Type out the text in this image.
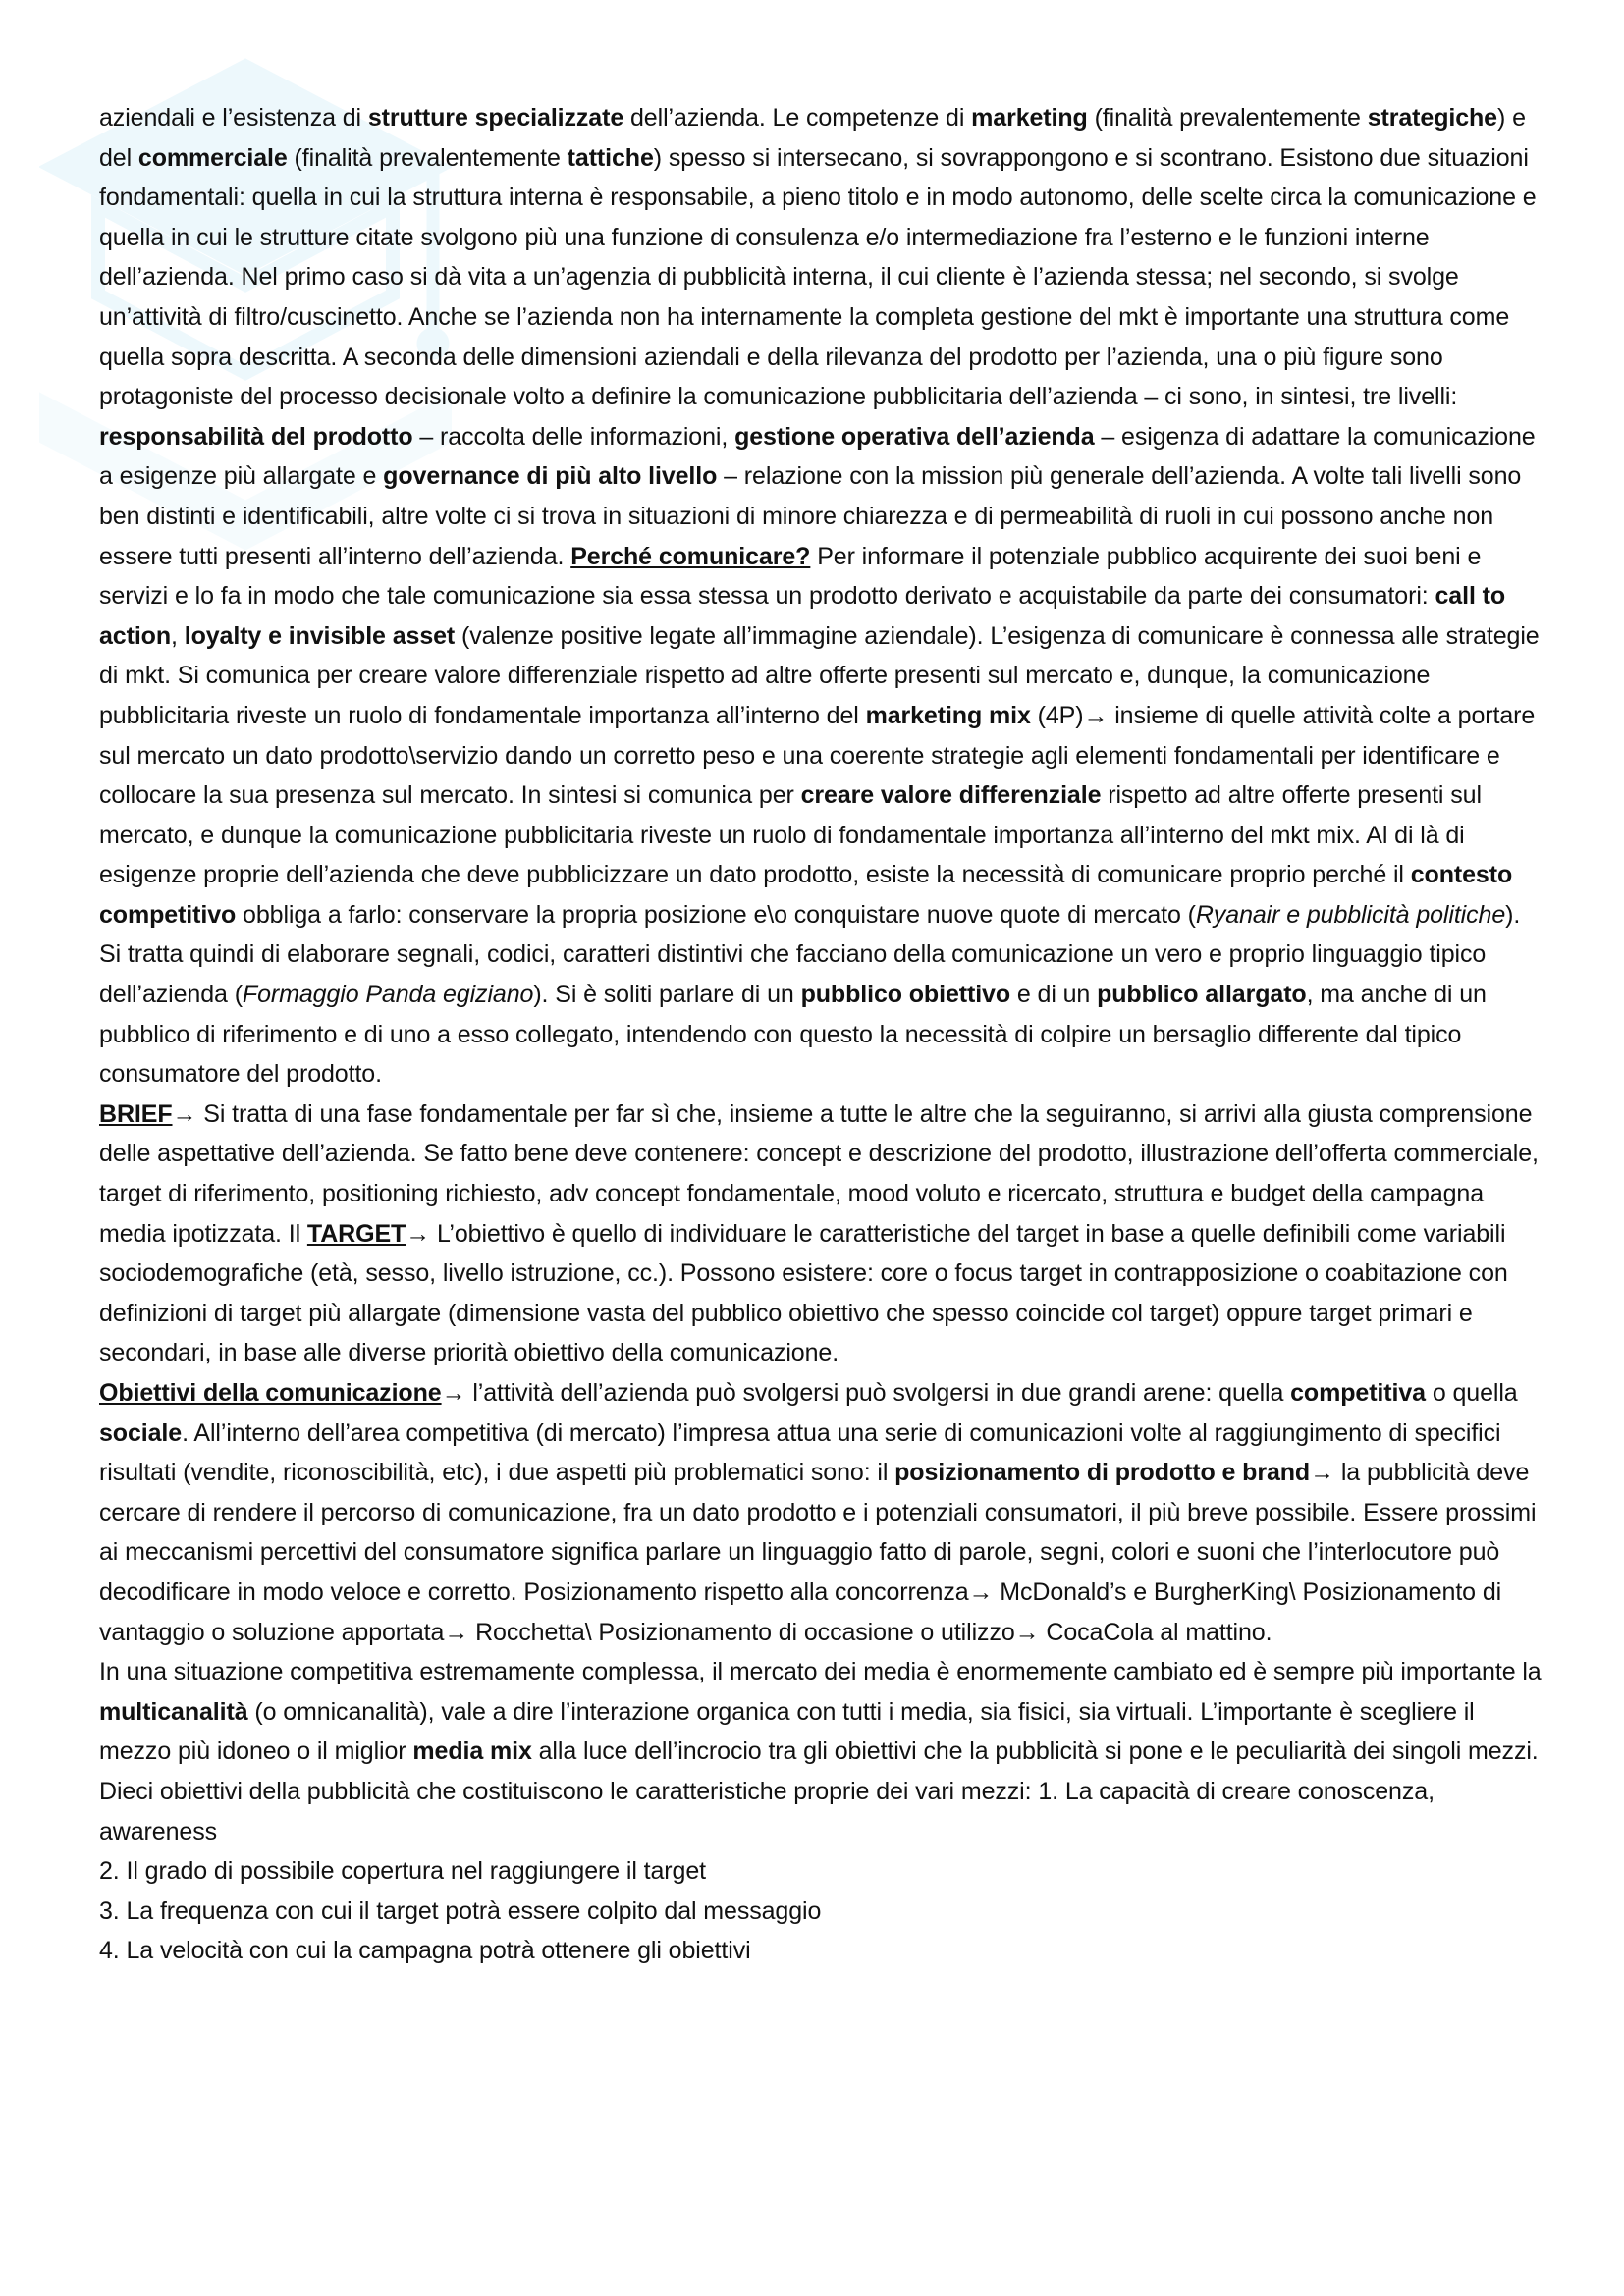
aziendali e l’esistenza di strutture specializzate dell’azienda. Le competenze di marketing (finalità prevalentemente strategiche) e del commerciale (finalità prevalentemente tattiche) spesso si intersecano, si sovrappongono e si scontrano. Esistono due situazioni fondamentali: quella in cui la struttura interna è responsabile, a pieno titolo e in modo autonomo, delle scelte circa la comunicazione e quella in cui le strutture citate svolgono più una funzione di consulenza e/o intermediazione fra l’esterno e le funzioni interne dell’azienda. Nel primo caso si dà vita a un’agenzia di pubblicità interna, il cui cliente è l’azienda stessa; nel secondo, si svolge un’attività di filtro/cuscinetto. Anche se l’azienda non ha internamente la completa gestione del mkt è importante una struttura come quella sopra descritta. A seconda delle dimensioni aziendali e della rilevanza del prodotto per l’azienda, una o più figure sono protagoniste del processo decisionale volto a definire la comunicazione pubblicitaria dell’azienda – ci sono, in sintesi, tre livelli: responsabilità del prodotto – raccolta delle informazioni, gestione operativa dell’azienda – esigenza di adattare la comunicazione a esigenze più allargate e governance di più alto livello – relazione con la mission più generale dell’azienda. A volte tali livelli sono ben distinti e identificabili, altre volte ci si trova in situazioni di minore chiarezza e di permeabilità di ruoli in cui possono anche non essere tutti presenti all’interno dell’azienda. Perché comunicare? Per informare il potenziale pubblico acquirente dei suoi beni e servizi e lo fa in modo che tale comunicazione sia essa stessa un prodotto derivato e acquistabile da parte dei consumatori: call to action, loyalty e invisible asset (valenze positive legate all’immagine aziendale). L’esigenza di comunicare è connessa alle strategie di mkt. Si comunica per creare valore differenziale rispetto ad altre offerte presenti sul mercato e, dunque, la comunicazione pubblicitaria riveste un ruolo di fondamentale importanza all’interno del marketing mix (4P)→ insieme di quelle attività colte a portare sul mercato un dato prodotto\servizio dando un corretto peso e una coerente strategie agli elementi fondamentali per identificare e collocare la sua presenza sul mercato. In sintesi si comunica per creare valore differenziale rispetto ad altre offerte presenti sul mercato, e dunque la comunicazione pubblicitaria riveste un ruolo di fondamentale importanza all’interno del mkt mix. Al di là di esigenze proprie dell’azienda che deve pubblicizzare un dato prodotto, esiste la necessità di comunicare proprio perché il contesto competitivo obbliga a farlo: conservare la propria posizione e\o conquistare nuove quote di mercato (Ryanair e pubblicità politiche). Si tratta quindi di elaborare segnali, codici, caratteri distintivi che facciano della comunicazione un vero e proprio linguaggio tipico dell’azienda (Formaggio Panda egiziano). Si è soliti parlare di un pubblico obiettivo e di un pubblico allargato, ma anche di un pubblico di riferimento e di uno a esso collegato, intendendo con questo la necessità di colpire un bersaglio differente dal tipico consumatore del prodotto.

BRIEF→ Si tratta di una fase fondamentale per far sì che, insieme a tutte le altre che la seguiranno, si arrivi alla giusta comprensione delle aspettative dell’azienda. Se fatto bene deve contenere: concept e descrizione del prodotto, illustrazione dell’offerta commerciale, target di riferimento, positioning richiesto, adv concept fondamentale, mood voluto e ricercato, struttura e budget della campagna media ipotizzata. Il TARGET→ L’obiettivo è quello di individuare le caratteristiche del target in base a quelle definibili come variabili sociodemografiche (età, sesso, livello istruzione, cc.). Possono esistere: core o focus target in contrapposizione o coabitazione con definizioni di target più allargate (dimensione vasta del pubblico obiettivo che spesso coincide col target) oppure target primari e secondari, in base alle diverse priorità obiettivo della comunicazione.

Obiettivi della comunicazione→ l’attività dell’azienda può svolgersi può svolgersi in due grandi arene: quella competitiva o quella sociale. All’interno dell’area competitiva (di mercato) l’impresa attua una serie di comunicazioni volte al raggiungimento di specifici risultati (vendite, riconoscibilità, etc), i due aspetti più problematici sono: il posizionamento di prodotto e brand→ la pubblicità deve cercare di rendere il percorso di comunicazione, fra un dato prodotto e i potenziali consumatori, il più breve possibile. Essere prossimi ai meccanismi percettivi del consumatore significa parlare un linguaggio fatto di parole, segni, colori e suoni che l’interlocutore può decodificare in modo veloce e corretto. Posizionamento rispetto alla concorrenza→ McDonald’s e BurgherKing\ Posizionamento di vantaggio o soluzione apportata→ Rocchetta\ Posizionamento di occasione o utilizzo→ CocaCola al mattino.

In una situazione competitiva estremamente complessa, il mercato dei media è enormemente cambiato ed è sempre più importante la multicanalità (o omnicanalità), vale a dire l’interazione organica con tutti i media, sia fisici, sia virtuali. L’importante è scegliere il mezzo più idoneo o il miglior media mix alla luce dell’incrocio tra gli obiettivi che la pubblicità si pone e le peculiarità dei singoli mezzi. Dieci obiettivi della pubblicità che costituiscono le caratteristiche proprie dei vari mezzi: 1. La capacità di creare conoscenza, awareness

2. Il grado di possibile copertura nel raggiungere il target

3. La frequenza con cui il target potrà essere colpito dal messaggio

4. La velocità con cui la campagna potrà ottenere gli obiettivi
